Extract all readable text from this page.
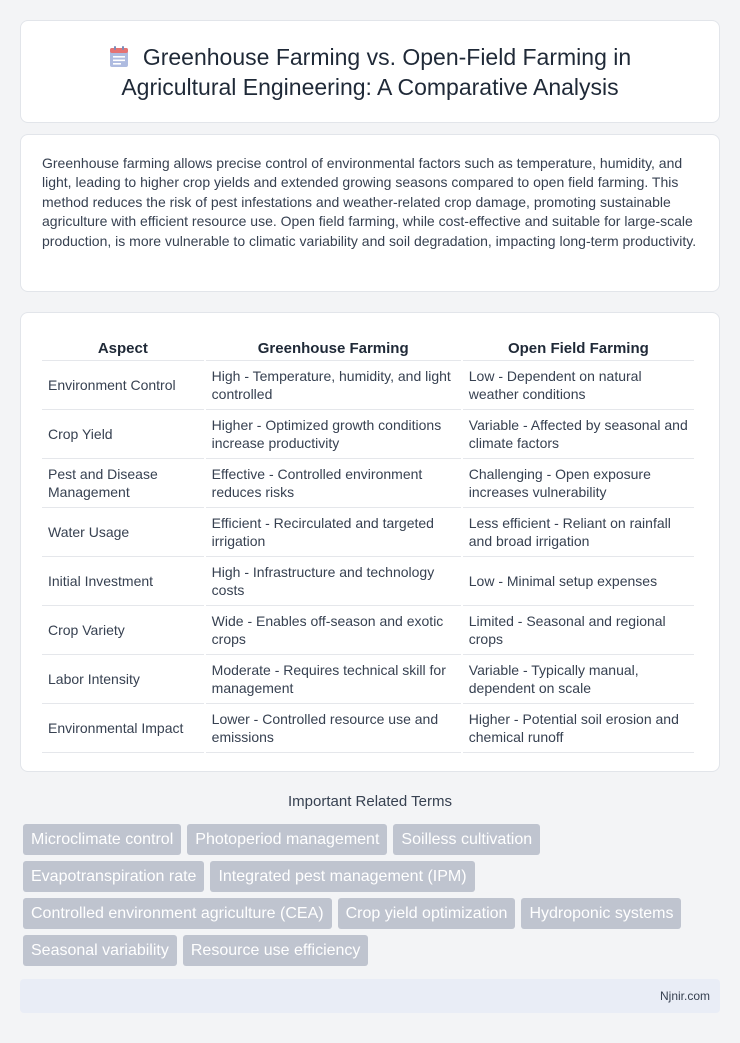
Greenhouse Farming vs. Open-Field Farming in Agricultural Engineering: A Comparative Analysis

Greenhouse farming allows precise control of environmental factors such as temperature, humidity, and light, leading to higher crop yields and extended growing seasons compared to open field farming. This method reduces the risk of pest infestations and weather-related crop damage, promoting sustainable agriculture with efficient resource use. Open field farming, while cost-effective and suitable for large-scale production, is more vulnerable to climatic variability and soil degradation, impacting long-term productivity.

Aspect	Greenhouse Farming	Open Field Farming
Environment Control	High - Temperature, humidity, and light controlled	Low - Dependent on natural weather conditions
Crop Yield	Higher - Optimized growth conditions increase productivity	Variable - Affected by seasonal and climate factors
Pest and Disease Management	Effective - Controlled environment reduces risks	Challenging - Open exposure increases vulnerability
Water Usage	Efficient - Recirculated and targeted irrigation	Less efficient - Reliant on rainfall and broad irrigation
Initial Investment	High - Infrastructure and technology costs	Low - Minimal setup expenses
Crop Variety	Wide - Enables off-season and exotic crops	Limited - Seasonal and regional crops
Labor Intensity	Moderate - Requires technical skill for management	Variable - Typically manual, dependent on scale
Environmental Impact	Lower - Controlled resource use and emissions	Higher - Potential soil erosion and chemical runoff
Important Related Terms
Microclimate control	Photoperiod management	Soilless cultivation
Evapotranspiration rate	Integrated pest management (IPM)
Controlled environment agriculture (CEA)	Crop yield optimization	Hydroponic systems
Seasonal variability	Resource use efficiency
Njnir.com
